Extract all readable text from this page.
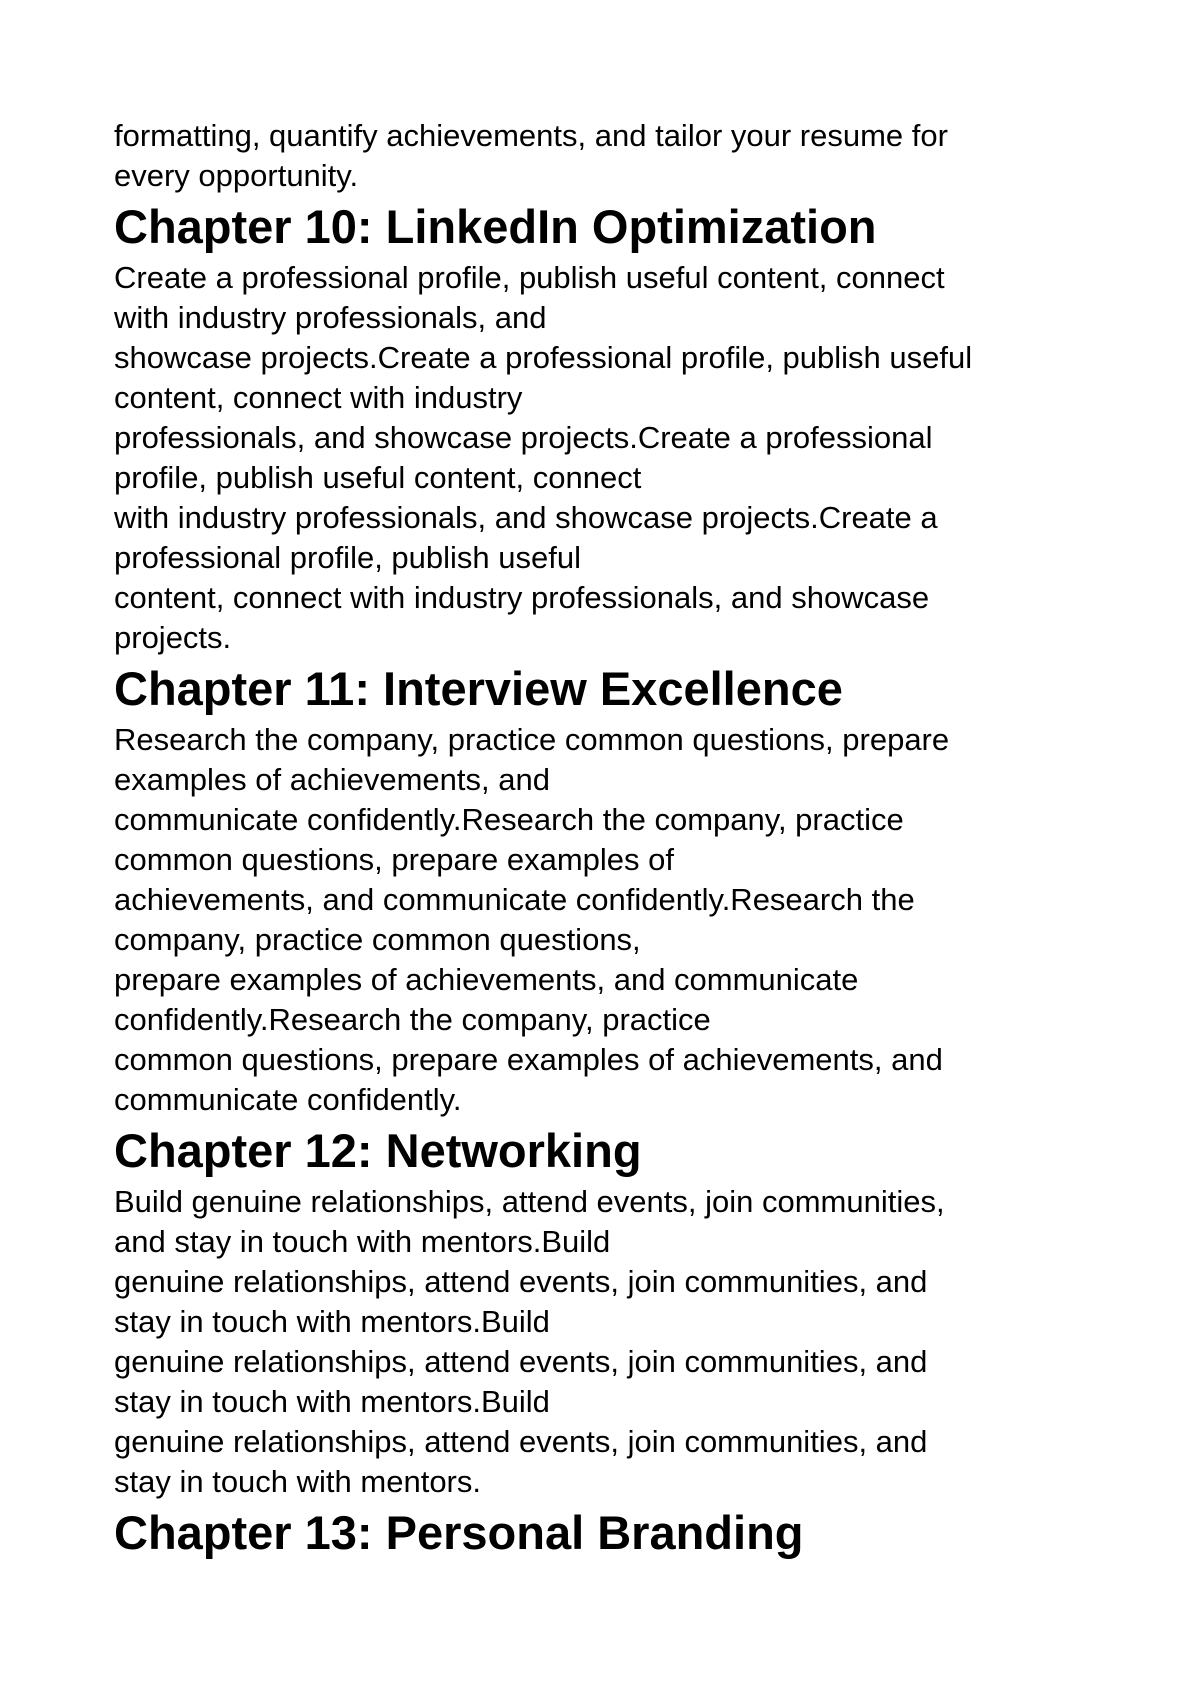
formatting, quantify achievements, and tailor your resume for
every opportunity.
Chapter 10: LinkedIn Optimization
Create a professional profile, publish useful content, connect
with industry professionals, and
showcase projects.Create a professional profile, publish useful
content, connect with industry
professionals, and showcase projects.Create a professional
profile, publish useful content, connect
with industry professionals, and showcase projects.Create a
professional profile, publish useful
content, connect with industry professionals, and showcase
projects.
Chapter 11: Interview Excellence
Research the company, practice common questions, prepare
examples of achievements, and
communicate confidently.Research the company, practice
common questions, prepare examples of
achievements, and communicate confidently.Research the
company, practice common questions,
prepare examples of achievements, and communicate
confidently.Research the company, practice
common questions, prepare examples of achievements, and
communicate confidently.
Chapter 12: Networking
Build genuine relationships, attend events, join communities,
and stay in touch with mentors.Build
genuine relationships, attend events, join communities, and
stay in touch with mentors.Build
genuine relationships, attend events, join communities, and
stay in touch with mentors.Build
genuine relationships, attend events, join communities, and
stay in touch with mentors.
Chapter 13: Personal Branding
